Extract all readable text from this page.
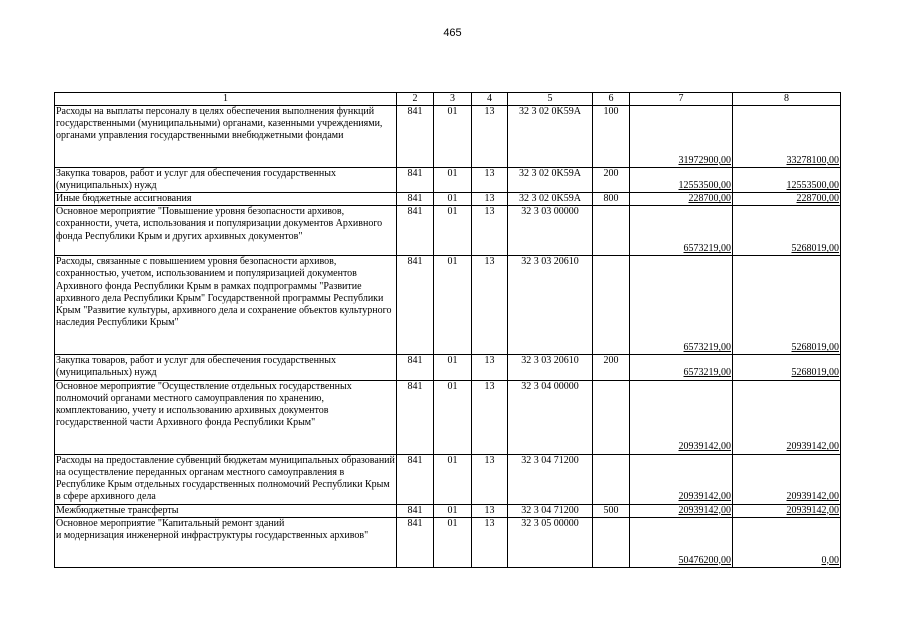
465
1	2	3	4	5	6	7	8
Расходы на выплаты персоналу в целях обеспечения выполнения функций государственными (муниципальными) органами, казенными учреждениями, органами управления государственными внебюджетными фондами	841	01	13	32 3 02 0K59A	100	31972900,00	33278100,00
Закупка товаров, работ и услуг для обеспечения государственных (муниципальных) нужд	841	01	13	32 3 02 0K59A	200	12553500,00	12553500,00
Иные бюджетные ассигнования	841	01	13	32 3 02 0K59A	800	228700,00	228700,00
Основное мероприятие "Повышение уровня безопасности архивов, сохранности, учета, использования и популяризации документов Архивного фонда Республики Крым и других архивных документов"	841	01	13	32 3 03 00000		6573219,00	5268019,00
Расходы, связанные с повышением уровня безопасности архивов, сохранностью, учетом, использованием и популяризацией документов Архивного фонда Республики Крым в рамках подпрограммы "Развитие архивного дела Республики Крым" Государственной программы Республики Крым "Развитие культуры, архивного дела и сохранение объектов культурного наследия Республики Крым"	841	01	13	32 3 03 20610		6573219,00	5268019,00
Закупка товаров, работ и услуг для обеспечения государственных (муниципальных) нужд	841	01	13	32 3 03 20610	200	6573219,00	5268019,00
Основное мероприятие "Осуществление отдельных государственных полномочий органами местного самоуправления по хранению, комплектованию, учету и использованию архивных документов государственной части Архивного фонда Республики Крым"	841	01	13	32 3 04 00000		20939142,00	20939142,00
Расходы на предоставление субвенций бюджетам муниципальных образований на осуществление переданных органам местного самоуправления в Республике Крым отдельных государственных полномочий Республики Крым в сфере архивного дела	841	01	13	32 3 04 71200		20939142,00	20939142,00
Межбюджетные трансферты	841	01	13	32 3 04 71200	500	20939142,00	20939142,00
Основное мероприятие "Капитальный ремонт зданий
и модернизация инженерной инфраструктуры государственных архивов"	841	01	13	32 3 05 00000		50476200,00	0,00
